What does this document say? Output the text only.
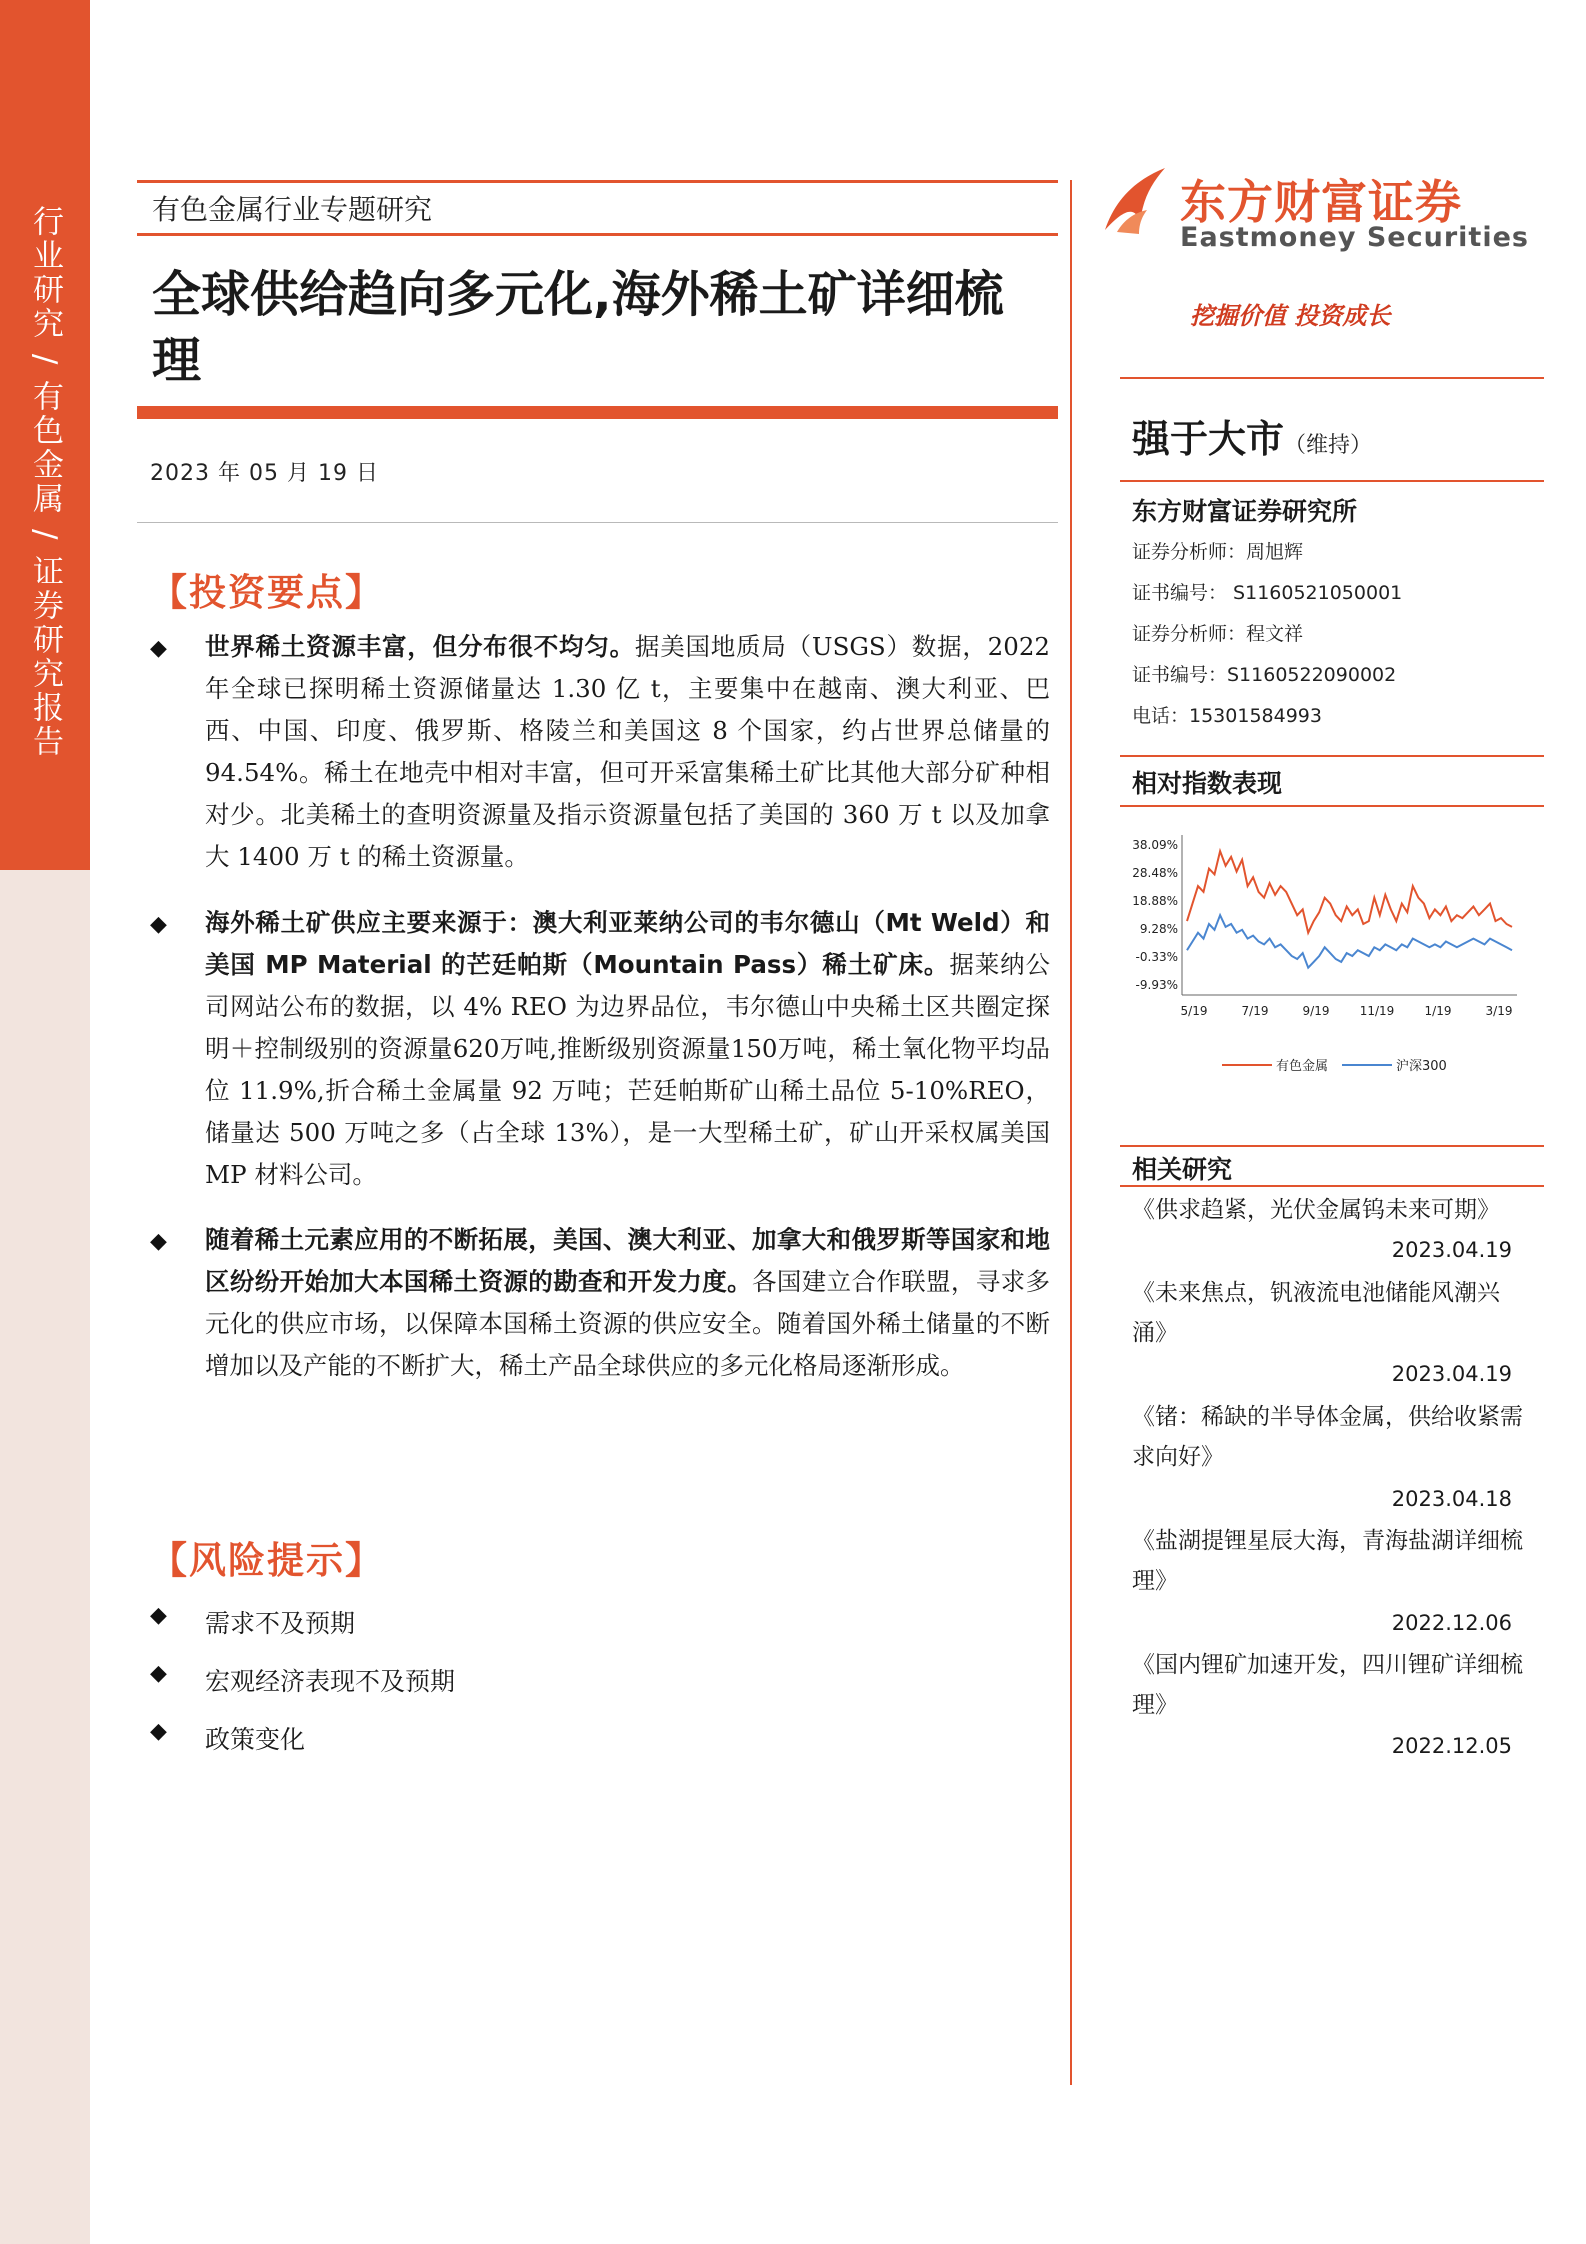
行业研究 / 有色金属 / 证券研究报告	有色金属行业专题研究
全球供给趋向多元化,海外稀土矿详细梳理
2023 年 05 月 19 日
【投资要点】
◆ 世界稀土资源丰富，但分布很不均匀。据美国地质局（USGS）数据，2022 年全球已探明稀土资源储量达 1.30 亿 t，主要集中在越南、澳大利亚、巴西、中国、印度、俄罗斯、格陵兰和美国这 8 个国家，约占世界总储量的 94.54%。稀土在地壳中相对丰富，但可开采富集稀土矿比其他大部分矿种相对少。北美稀土的查明资源量及指示资源量包括了美国的 360 万 t 以及加拿大 1400 万 t 的稀土资源量。
◆ 海外稀土矿供应主要来源于：澳大利亚莱纳公司的韦尔德山（Mt Weld）和美国 MP Material 的芒廷帕斯（Mountain Pass）稀土矿床。据莱纳公司网站公布的数据，以 4% REO 为边界品位，韦尔德山中央稀土区共圈定探明＋控制级别的资源量620万吨,推断级别资源量150万吨，稀土氧化物平均品位 11.9%,折合稀土金属量 92 万吨；芒廷帕斯矿山稀土品位 5-10%REO，储量达 500 万吨之多（占全球 13%），是一大型稀土矿，矿山开采权属美国 MP 材料公司。
◆ 随着稀土元素应用的不断拓展，美国、澳大利亚、加拿大和俄罗斯等国家和地区纷纷开始加大本国稀土资源的勘查和开发力度。各国建立合作联盟，寻求多元化的供应市场，以保障本国稀土资源的供应安全。随着国外稀土储量的不断增加以及产能的不断扩大，稀土产品全球供应的多元化格局逐渐形成。
【风险提示】
◆ 需求不及预期
◆ 宏观经济表现不及预期
◆ 政策变化
东方财富证券
Eastmoney Securities
挖掘价值 投资成长
强于大市（维持）
东方财富证券研究所
证券分析师：周旭辉
证书编号： S1160521050001
证券分析师：程文祥
证书编号：S1160522090002
电话：15301584993
相对指数表现
38.09%
28.48%
18.88%
9.28%
-0.33%
-9.93%
5/19	7/19	9/19	11/19	1/19	3/19
有色金属	沪深300
相关研究
《供求趋紧，光伏金属钨未来可期》
2023.04.19
《未来焦点，钒液流电池储能风潮兴涌》
2023.04.19
《锗：稀缺的半导体金属，供给收紧需求向好》
2023.04.18
《盐湖提锂星辰大海，青海盐湖详细梳理》
2022.12.06
《国内锂矿加速开发，四川锂矿详细梳理》
2022.12.05
